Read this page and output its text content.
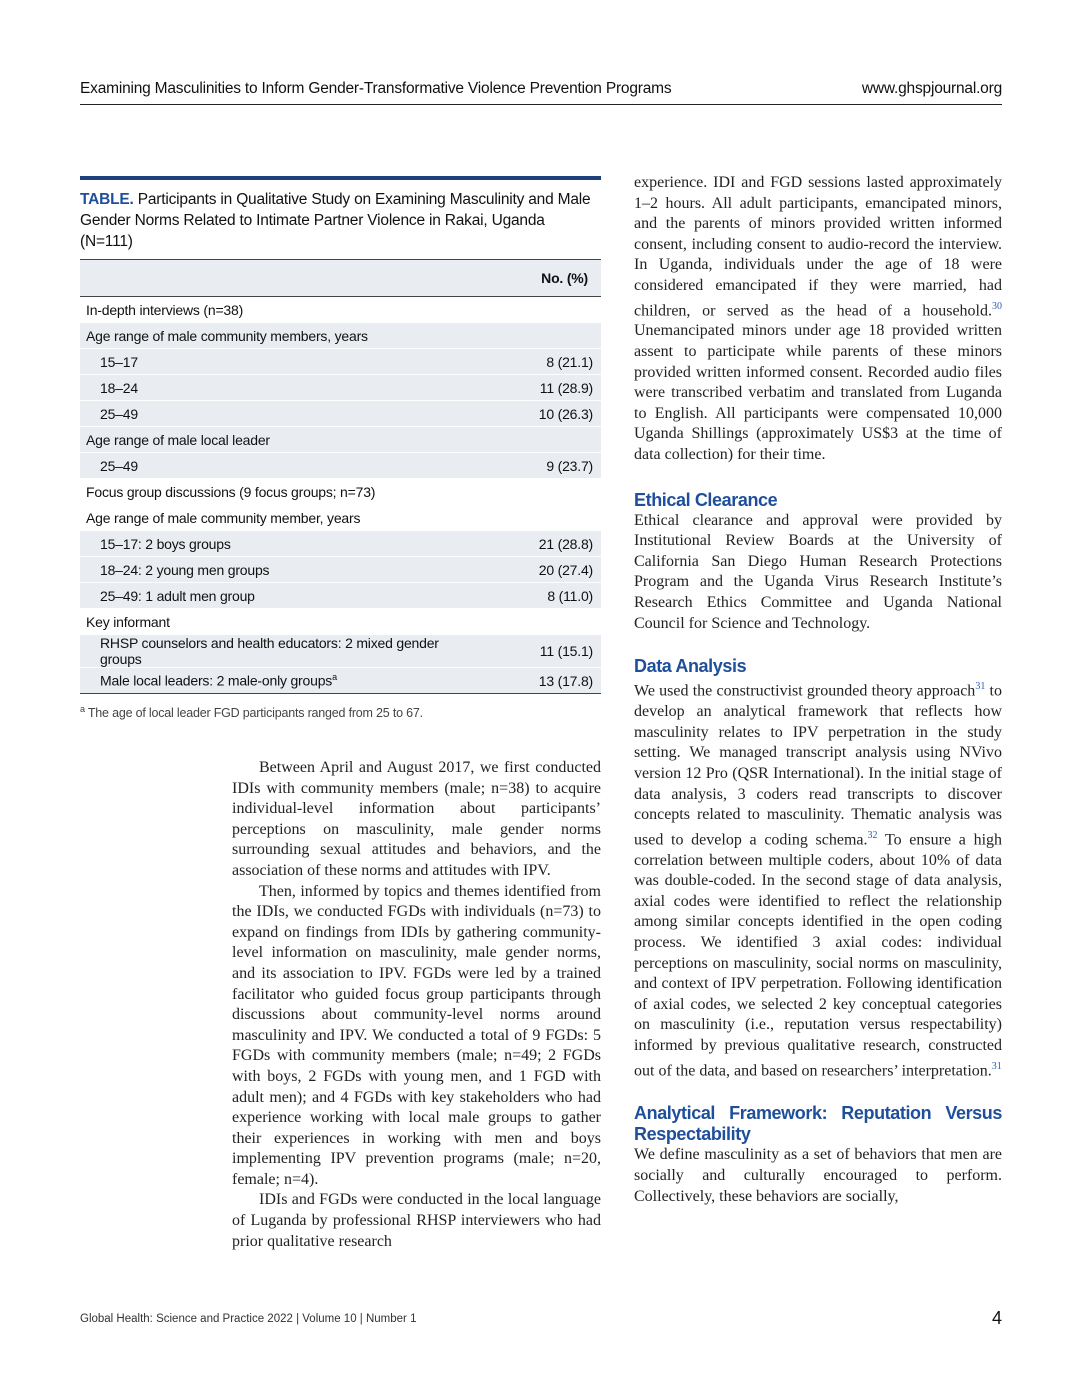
Examining Masculinities to Inform Gender-Transformative Violence Prevention Programs	www.ghspjournal.org
TABLE. Participants in Qualitative Study on Examining Masculinity and Male Gender Norms Related to Intimate Partner Violence in Rakai, Uganda (N=111)
No. (%)	
In-depth interviews (n=38)	
Age range of male community members, years	
15–17	8 (21.1)
18–24	11 (28.9)
25–49	10 (26.3)
Age range of male local leader	
25–49	9 (23.7)
Focus group discussions (9 focus groups; n=73)	
Age range of male community member, years	
15–17: 2 boys groups	21 (28.8)
18–24: 2 young men groups	20 (27.4)
25–49: 1 adult men group	8 (11.0)
Key informant	
RHSP counselors and health educators: 2 mixed gender groups	11 (15.1)
Male local leaders: 2 male-only groups$^a$	13 (17.8)
$^a$ The age of local leader FGD participants ranged from 25 to 67.

Between April and August 2017, we first conducted IDIs with community members (male; n=38) to acquire individual-level information about participants’ perceptions on masculinity, male gender norms surrounding sexual attitudes and behaviors, and the association of these norms and attitudes with IPV.

Then, informed by topics and themes identified from the IDIs, we conducted FGDs with individuals (n=73) to expand on findings from IDIs by gathering community-level information on masculinity, male gender norms, and its association to IPV. FGDs were led by a trained facilitator who guided focus group participants through discussions about community-level norms around masculinity and IPV. We conducted a total of 9 FGDs: 5 FGDs with community members (male; n=49; 2 FGDs with boys, 2 FGDs with young men, and 1 FGD with adult men); and 4 FGDs with key stakeholders who had experience working with local male groups to gather their experiences in working with men and boys implementing IPV prevention programs (male; n=20, female; n=4).

IDIs and FGDs were conducted in the local language of Luganda by professional RHSP interviewers who had prior qualitative research

experience. IDI and FGD sessions lasted approximately 1–2 hours. All adult participants, emancipated minors, and the parents of minors provided written informed consent, including consent to audio-record the interview. In Uganda, individuals under the age of 18 were considered emancipated if they were married, had children, or served as the head of a household.$^{30}$ Unemancipated minors under age 18 provided written assent to participate while parents of these minors provided written informed consent. Recorded audio files were transcribed verbatim and translated from Luganda to English. All participants were compensated 10,000 Uganda Shillings (approximately US$3 at the time of data collection) for their time.

Ethical Clearance

Ethical clearance and approval were provided by Institutional Review Boards at the University of California San Diego Human Research Protections Program and the Uganda Virus Research Institute’s Research Ethics Committee and Uganda National Council for Science and Technology.

Data Analysis

We used the constructivist grounded theory approach$^{31}$ to develop an analytical framework that reflects how masculinity relates to IPV perpetration in the study setting. We managed transcript analysis using NVivo version 12 Pro (QSR International). In the initial stage of data analysis, 3 coders read transcripts to discover concepts related to masculinity. Thematic analysis was used to develop a coding schema.$^{32}$ To ensure a high correlation between multiple coders, about 10% of data was double-coded. In the second stage of data analysis, axial codes were identified to reflect the relationship among similar concepts identified in the open coding process. We identified 3 axial codes: individual perceptions on masculinity, social norms on masculinity, and context of IPV perpetration. Following identification of axial codes, we selected 2 key conceptual categories on masculinity (i.e., reputation versus respectability) informed by previous qualitative research, constructed out of the data, and based on researchers’ interpretation.$^{31}$

Analytical Framework: Reputation Versus Respectability

We define masculinity as a set of behaviors that men are socially and culturally encouraged to perform. Collectively, these behaviors are socially,

Global Health: Science and Practice 2022 | Volume 10 | Number 1	4
